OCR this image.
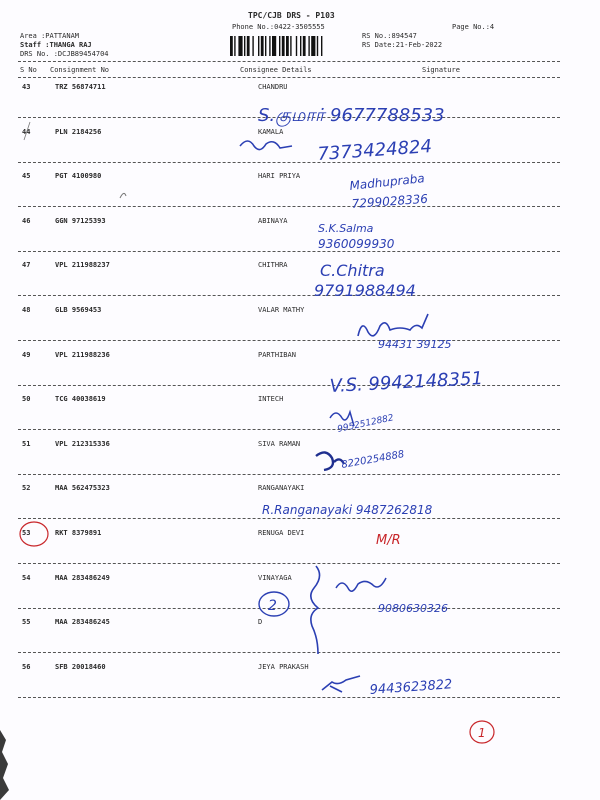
TPC/CJB DRS - P103
Phone No.:0422-3505555	Page No.:4
Area :PATTANAM
Staff :THANGA RAJ
DRS No. :DCJB89454704
RS No.:894547
RS Date:21-Feb-2022
S No Consignment No	Consignee Details	Signature
43	TRZ 56874711	CHANDRU
44	PLN 2184256	KAMALA
45	PGT 4100980	HARI PRIYA
46	GGN 97125393	ABINAYA
47	VPL 211988237	CHITHRA
48	GLB 9569453	VALAR MATHY
49	VPL 211988236	PARTHIBAN
50	TCG 40038619	INTECH
51	VPL 212315336	SIVA RAMAN
52	MAA 562475323	RANGANAYAKI
53	RKT 8379891	RENUGA DEVI
54	MAA 283486249	VINAYAGA
55	MAA 283486245	D
56	SFB 20018460	JEYA PRAKASH
S.குமார் 9677788533
7373424824
Madhupraba
7299028336
S.K.Salma
9360099930
C.Chitra
9791988494
94431 39125
V.S. 9942148351
9952512882
8220254888
R.Ranganayaki 9487262818
M/R
2	9080630326
9443623822
1
